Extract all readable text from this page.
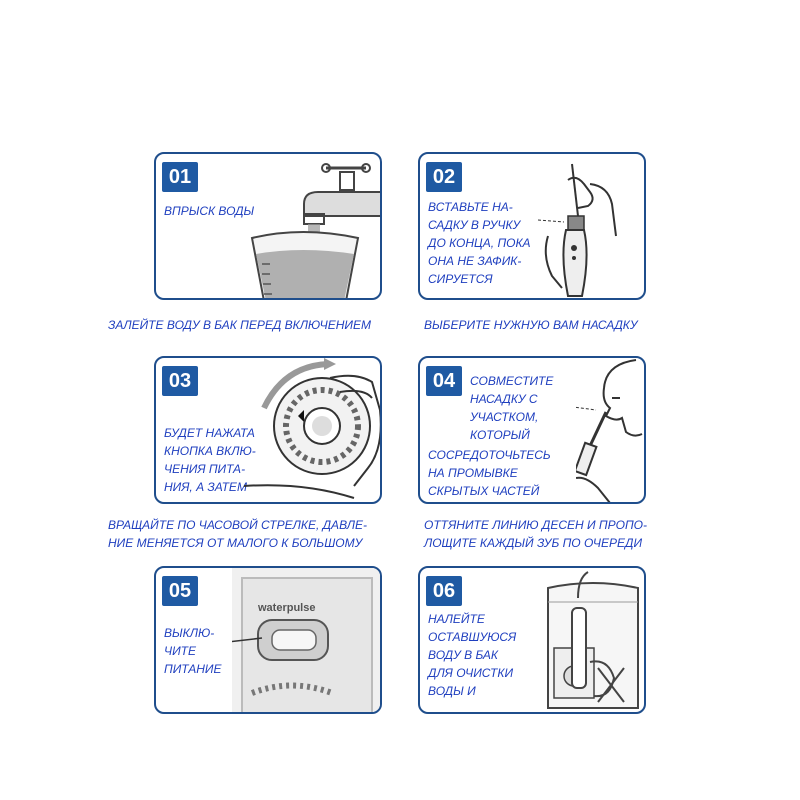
01
ВПРЫСК ВОДЫ
ЗАЛЕЙТЕ ВОДУ В БАК ПЕРЕД ВКЛЮЧЕНИЕМ
02
ВСТАВЬТЕ НА-
САДКУ В РУЧКУ
ДО КОНЦА, ПОКА
ОНА НЕ ЗАФИК-
СИРУЕТСЯ
ВЫБЕРИТЕ НУЖНУЮ ВАМ НАСАДКУ
03
БУДЕТ НАЖАТА
КНОПКА ВКЛЮ-
ЧЕНИЯ ПИТА-
НИЯ, А ЗАТЕМ
ВРАЩАЙТЕ ПО ЧАСОВОЙ СТРЕЛКЕ, ДАВЛЕ-
НИЕ МЕНЯЕТСЯ ОТ МАЛОГО К БОЛЬШОМУ
04	СОВМЕСТИТЕ
НАСАДКУ С
УЧАСТКОМ,
КОТОРЫЙ
СОСРЕДОТОЧЬТЕСЬ
НА ПРОМЫВКЕ
СКРЫТЫХ ЧАСТЕЙ
ОТТЯНИТЕ ЛИНИЮ ДЕСЕН И ПРОПО-
ЛОЩИТЕ КАЖДЫЙ ЗУБ ПО ОЧЕРЕДИ
05
ВЫКЛЮ-
ЧИТЕ
ПИТАНИЕ
waterpulse
06
НАЛЕЙТЕ
ОСТАВШУЮСЯ
ВОДУ В БАК
ДЛЯ ОЧИСТКИ
ВОДЫ И
